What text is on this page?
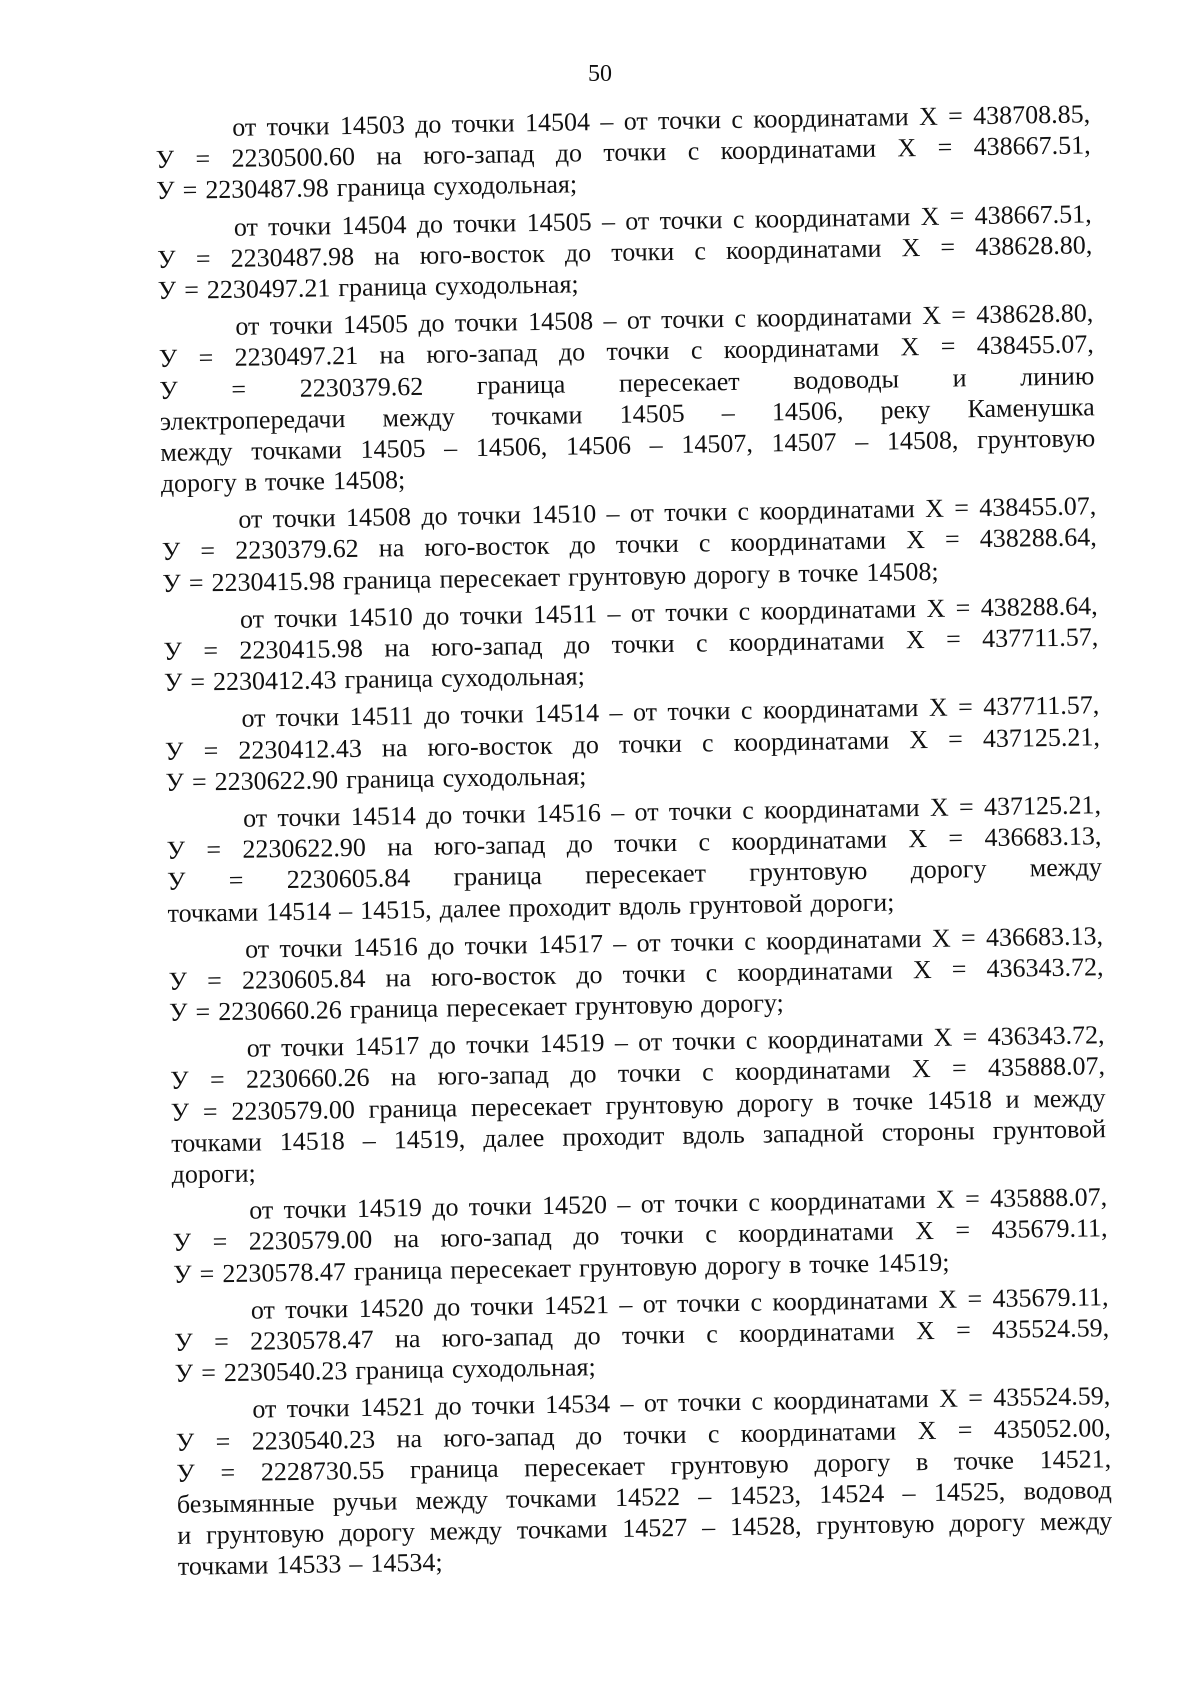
50
от точки 14503 до точки 14504 – от точки с координатами Х = 438708.85,
У = 2230500.60 на юго-запад до точки с координатами Х = 438667.51,
У = 2230487.98 граница суходольная;
от точки 14504 до точки 14505 – от точки с координатами Х = 438667.51,
У = 2230487.98 на юго-восток до точки с координатами Х = 438628.80,
У = 2230497.21 граница суходольная;
от точки 14505 до точки 14508 – от точки с координатами Х = 438628.80,
У = 2230497.21 на юго-запад до точки с координатами Х = 438455.07,
У = 2230379.62 граница пересекает водоводы и линию
электропередачи между точками 14505 – 14506, реку Каменушка
между точками 14505 – 14506, 14506 – 14507, 14507 – 14508, грунтовую
дорогу в точке 14508;
от точки 14508 до точки 14510 – от точки с координатами Х = 438455.07,
У = 2230379.62 на юго-восток до точки с координатами Х = 438288.64,
У = 2230415.98 граница пересекает грунтовую дорогу в точке 14508;
от точки 14510 до точки 14511 – от точки с координатами Х = 438288.64,
У = 2230415.98 на юго-запад до точки с координатами Х = 437711.57,
У = 2230412.43 граница суходольная;
от точки 14511 до точки 14514 – от точки с координатами Х = 437711.57,
У = 2230412.43 на юго-восток до точки с координатами Х = 437125.21,
У = 2230622.90 граница суходольная;
от точки 14514 до точки 14516 – от точки с координатами Х = 437125.21,
У = 2230622.90 на юго-запад до точки с координатами Х = 436683.13,
У = 2230605.84 граница пересекает грунтовую дорогу между
точками 14514 – 14515, далее проходит вдоль грунтовой дороги;
от точки 14516 до точки 14517 – от точки с координатами Х = 436683.13,
У = 2230605.84 на юго-восток до точки с координатами Х = 436343.72,
У = 2230660.26 граница пересекает грунтовую дорогу;
от точки 14517 до точки 14519 – от точки с координатами Х = 436343.72,
У = 2230660.26 на юго-запад до точки с координатами Х = 435888.07,
У = 2230579.00 граница пересекает грунтовую дорогу в точке 14518 и между
точками 14518 – 14519, далее проходит вдоль западной стороны грунтовой
дороги;
от точки 14519 до точки 14520 – от точки с координатами Х = 435888.07,
У = 2230579.00 на юго-запад до точки с координатами Х = 435679.11,
У = 2230578.47 граница пересекает грунтовую дорогу в точке 14519;
от точки 14520 до точки 14521 – от точки с координатами Х = 435679.11,
У = 2230578.47 на юго-запад до точки с координатами Х = 435524.59,
У = 2230540.23 граница суходольная;
от точки 14521 до точки 14534 – от точки с координатами Х = 435524.59,
У = 2230540.23 на юго-запад до точки с координатами Х = 435052.00,
У = 2228730.55 граница пересекает грунтовую дорогу в точке 14521,
безымянные ручьи между точками 14522 – 14523, 14524 – 14525, водовод
и грунтовую дорогу между точками 14527 – 14528, грунтовую дорогу между
точками 14533 – 14534;
